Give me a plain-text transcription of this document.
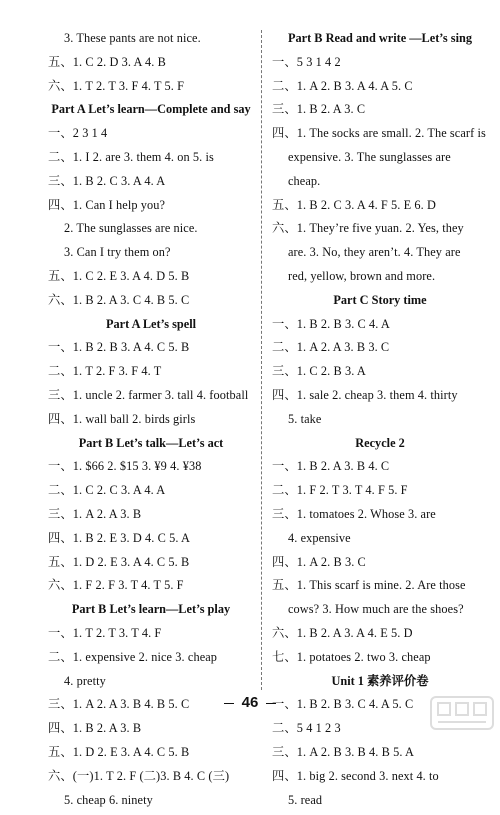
3. These pants are not nice.
五、1. C 2. D 3. A 4. B
六、1. T 2. T 3. F 4. T 5. F
Part A Let’s learn—Complete and say
一、2 3 1 4
二、1. I 2. are 3. them 4. on 5. is
三、1. B 2. C 3. A 4. A
四、1. Can I help you?
2. The sunglasses are nice.
3. Can I try them on?
五、1. C 2. E 3. A 4. D 5. B
六、1. B 2. A 3. C 4. B 5. C
Part A Let’s spell
一、1. B 2. B 3. A 4. C 5. B
二、1. T 2. F 3. F 4. T
三、1. uncle 2. farmer 3. tall 4. football
四、1. wall ball 2. birds girls
Part B Let’s talk—Let’s act
一、1. $66 2. $15 3. ¥9 4. ¥38
二、1. C 2. C 3. A 4. A
三、1. A 2. A 3. B
四、1. B 2. E 3. D 4. C 5. A
五、1. D 2. E 3. A 4. C 5. B
六、1. F 2. F 3. T 4. T 5. F
Part B Let’s learn—Let’s play
一、1. T 2. T 3. T 4. F
二、1. expensive 2. nice 3. cheap
4. pretty
三、1. A 2. A 3. B 4. B 5. C
四、1. B 2. A 3. B
五、1. D 2. E 3. A 4. C 5. B
六、(一)1. T 2. F (二)3. B 4. C (三)
5. cheap 6. ninety
Part B Read and write —Let’s sing
一、5 3 1 4 2
二、1. A 2. B 3. A 4. A 5. C
三、1. B 2. A 3. C
四、1. The socks are small. 2. The scarf is
expensive. 3. The sunglasses are
cheap.
五、1. B 2. C 3. A 4. F 5. E 6. D
六、1. They’re five yuan. 2. Yes, they
are. 3. No, they aren’t. 4. They are
red, yellow, brown and more.
Part C Story time
一、1. B 2. B 3. C 4. A
二、1. A 2. A 3. B 3. C
三、1. C 2. B 3. A
四、1. sale 2. cheap 3. them 4. thirty
5. take
Recycle 2
一、1. B 2. A 3. B 4. C
二、1. F 2. T 3. T 4. F 5. F
三、1. tomatoes 2. Whose 3. are
4. expensive
四、1. A 2. B 3. C
五、1. This scarf is mine. 2. Are those
cows? 3. How much are the shoes?
六、1. B 2. A 3. A 4. E 5. D
七、1. potatoes 2. two 3. cheap
Unit 1 素养评价卷
一、1. B 2. B 3. C 4. A 5. C
二、5 4 1 2 3
三、1. A 2. B 3. B 4. B 5. A
四、1. big 2. second 3. next 4. to
5. read
46
